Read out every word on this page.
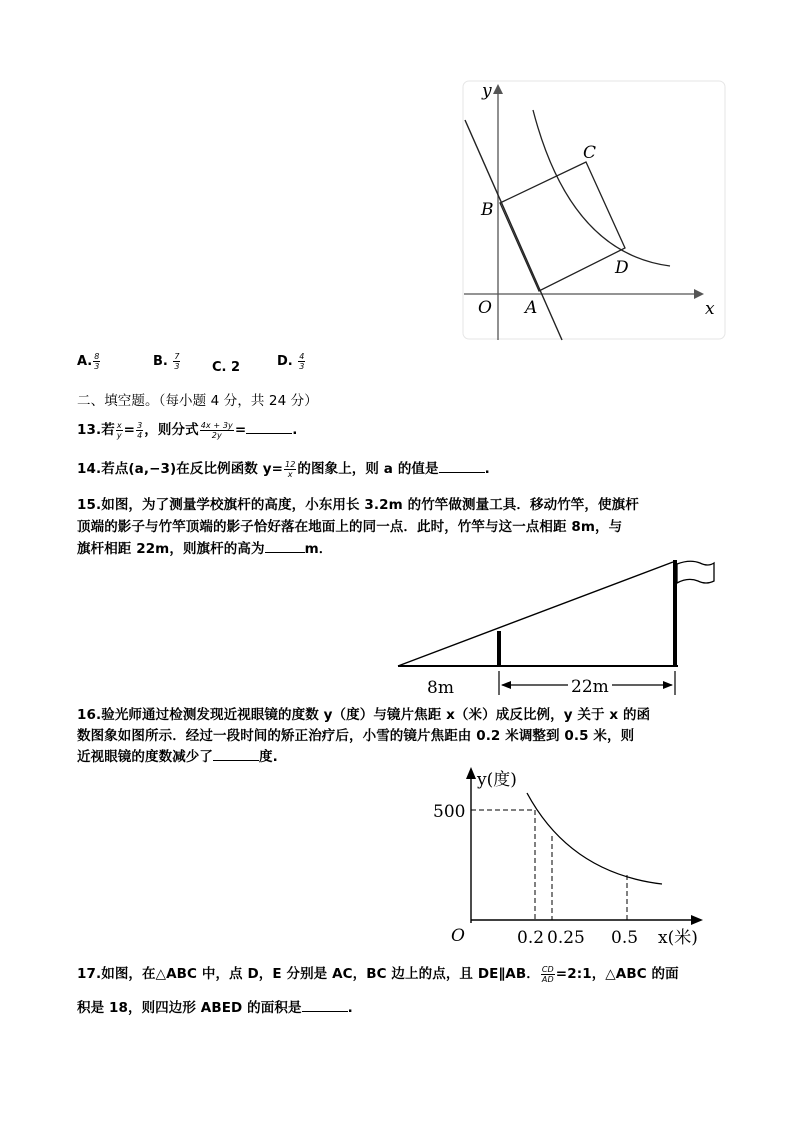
y
x
O A
B
C
D
A. $\frac{8}{3}$	B. $\frac{7}{3} C$. 2	D. $\frac{4}{3}$
二、填空题。（每小题 4 分，共 24 分）
13.若 $\frac{x}{y} = \frac{3}{4}$ ，则分式 $\frac{4x + 3y}{2y}$ =	.
14.若点(a,−3)在反比例函数 $y= \frac{12}{x}$ 的图象上，则 a 的值是	.
15.如图，为了测量学校旗杆的高度，小东用长 3.2m 的竹竿做测量工具．移动竹竿，使旗杆
顶端的影子与竹竿顶端的影子恰好落在地面上的同一点．此时，竹竿与这一点相距 8m，与
旗杆相距 22m，则旗杆的高为	m．
8m	22m
16.验光师通过检测发现近视眼镜的度数 y（度）与镜片焦距 x（米）成反比例，y 关于 x 的函
数图象如图所示．经过一段时间的矫正治疗后，小雪的镜片焦距由 0.2 米调整到 0.5 米，则
近视眼镜的度数减少了	度.
y(度)
500
O	0.2 0.25 0.5 x(米)
17.如图，在△ABC 中，点 D，E 分别是 AC，BC 边上的点，且 DE∥AB． $\frac{CD}{AD}$ =2:1，△ABC 的面
积是 18，则四边形 ABED 的面积是	.
